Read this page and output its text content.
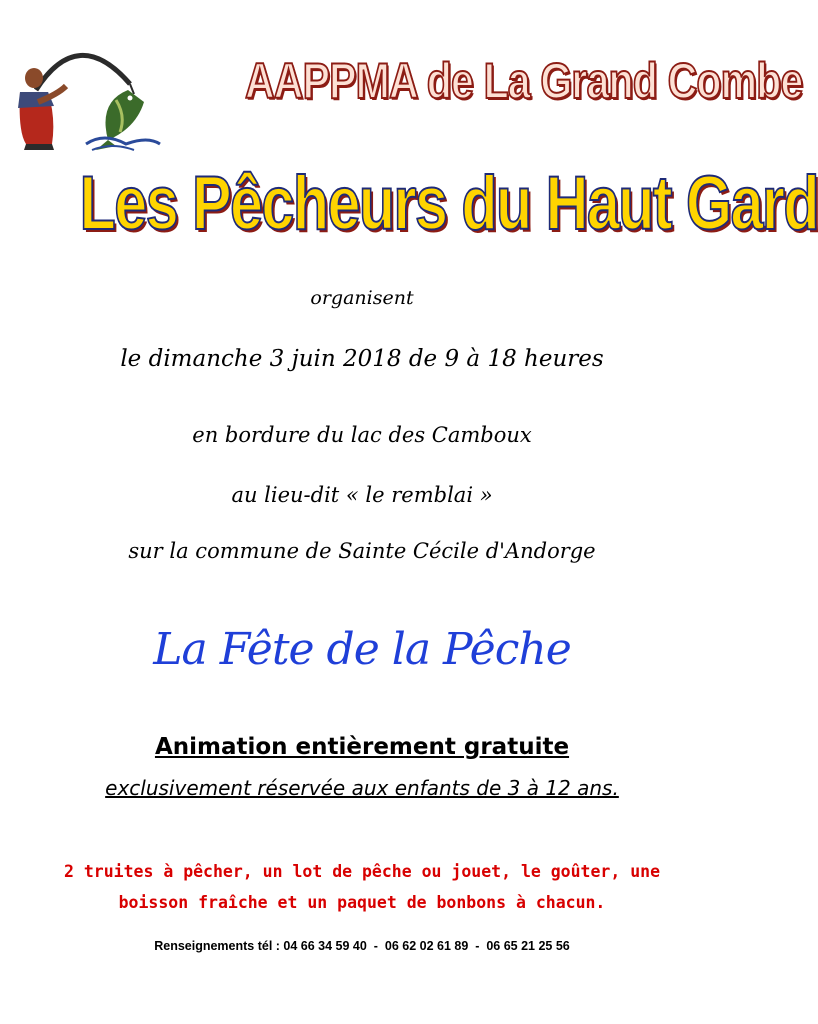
AAPPMA de La Grand Combe
Les Pêcheurs du Haut Gard
organisent
le dimanche 3 juin 2018 de 9 à 18 heures
en bordure du lac des Camboux
au lieu-dit « le remblai »
sur la commune de Sainte Cécile d'Andorge
La Fête de la Pêche
Animation entièrement gratuite
exclusivement réservée aux enfants de 3 à 12 ans.
2 truites à pêcher, un lot de pêche ou jouet, le goûter, une boisson fraîche et un paquet de bonbons à chacun.
Renseignements tél : 04 66 34 59 40  -  06 62 02 61 89  -  06 65 21 25 56
